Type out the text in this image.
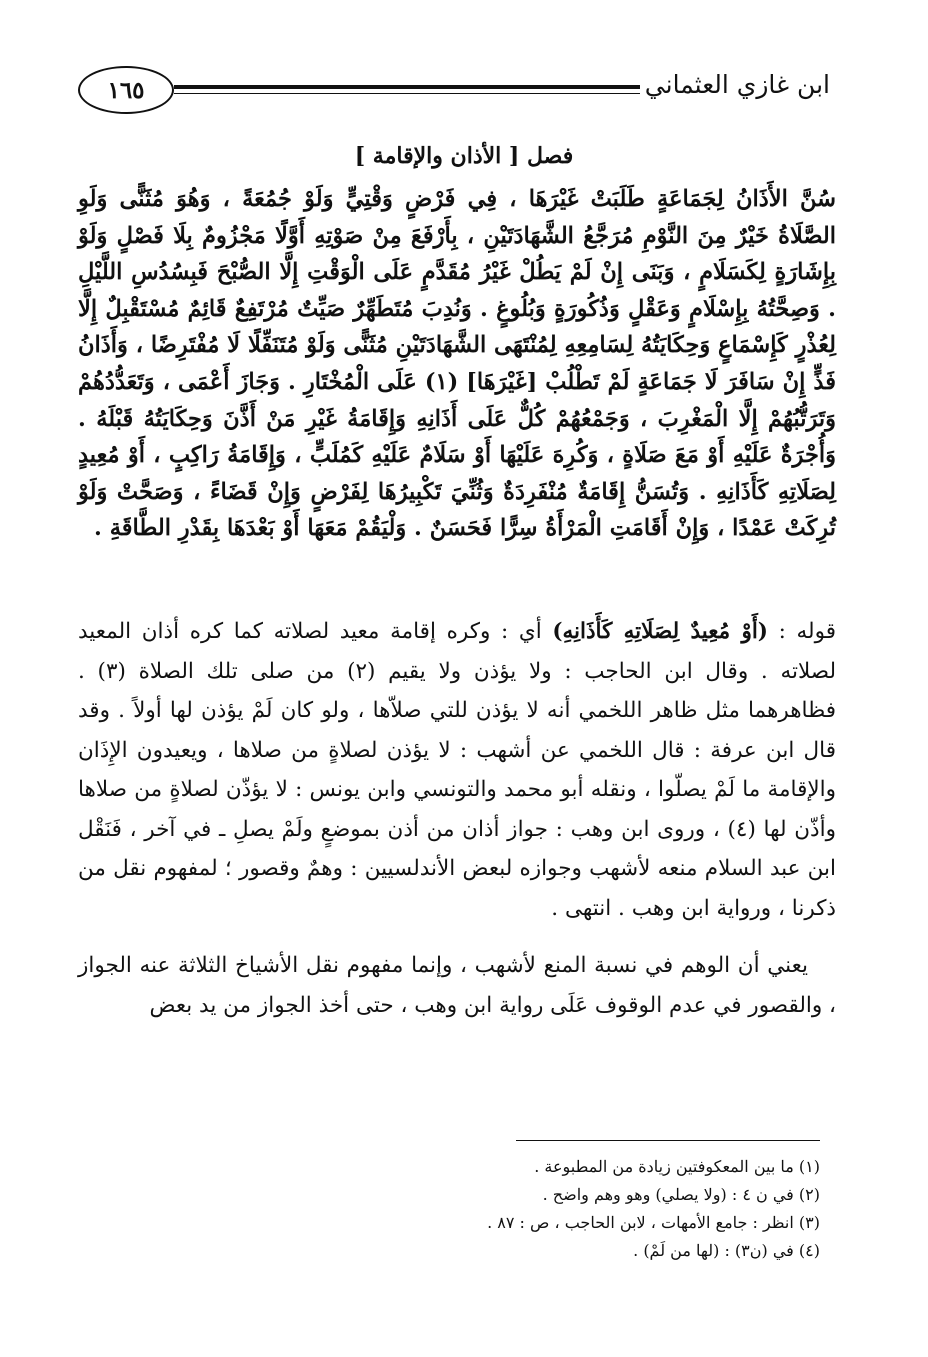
١٦٥	ابن غازي العثماني
فصل [ الأذان والإقامة ]

سُنَّ الأَذَانُ لِجَمَاعَةٍ طَلَبَتْ غَيْرَهَا ، فِي فَرْضٍ وَقْتِيٍّ وَلَوْ جُمُعَةً ، وَهُوَ مُثَنًّى وَلَوِ الصَّلَاةُ خَيْرٌ مِنَ النَّوْمِ مُرَجَّعُ الشَّهَادَتَيْنِ ، بِأَرْفَعَ مِنْ صَوْتِهِ أَوَّلًا مَجْزُومٌ بِلَا فَصْلٍ وَلَوْ بِإِشَارَةٍ لِكَسَلَامٍ ، وَبَنَى إِنْ لَمْ يَطُلْ غَيْرُ مُقَدَّمٍ عَلَى الْوَقْتِ إِلَّا الصُّبْحَ فَبِسُدُسِ اللَّيْلِ . وَصِحَّتُهُ بِإِسْلَامٍ وَعَقْلٍ وَذُكُورَةٍ وَبُلُوغٍ . وَنُدِبَ مُتَطَهِّرٌ صَيِّتٌ مُرْتَفِعٌ قَائِمٌ مُسْتَقْبِلٌ إِلَّا لِعُذْرٍ كَإِسْمَاعٍ وَحِكَايَتُهُ لِسَامِعِهِ لِمُنْتَهَى الشَّهَادَتَيْنِ مُثَنًّى وَلَوْ مُتَنَفِّلًا لَا مُفْتَرِضًا ، وَأَذَانُ فَذٍّ إِنْ سَافَرَ لَا جَمَاعَةٍ لَمْ تَطْلُبْ [غَيْرَهَا] (١) عَلَى الْمُخْتَارِ . وَجَازَ أَعْمَى ، وَتَعَدُّدُهُمْ وَتَرَتُّبُهُمْ إِلَّا الْمَغْرِبَ ، وَجَمْعُهُمْ كُلٌّ عَلَى أَذَانِهِ وَإِقَامَةُ غَيْرِ مَنْ أَذَّنَ وَحِكَايَتُهُ قَبْلَهُ . وَأُجْرَةٌ عَلَيْهِ أَوْ مَعَ صَلَاةٍ ، وَكُرِهَ عَلَيْهَا أَوْ سَلَامٌ عَلَيْهِ كَمُلَبٍّ ، وَإِقَامَةُ رَاكِبٍ ، أَوْ مُعِيدٍ لِصَلَاتِهِ كَأَذَانِهِ . وَتُسَنُّ إِقَامَةٌ مُنْفَرِدَةٌ وَثُنِّيَ تَكْبِيرُهَا لِفَرْضٍ وَإِنْ قَضَاءً ، وَصَحَّتْ وَلَوْ تُرِكَتْ عَمْدًا ، وَإِنْ أَقَامَتِ الْمَرْأَةُ سِرًّا فَحَسَنٌ . وَلْيَقُمْ مَعَهَا أَوْ بَعْدَهَا بِقَدْرِ الطَّاقَةِ .

قوله : (أَوْ مُعِيدٌ لِصَلَاتِهِ كَأَذَانِهِ) أي : وكره إقامة معيد لصلاته كما كره أذان المعيد لصلاته . وقال ابن الحاجب : ولا يؤذن ولا يقيم (٢) من صلى تلك الصلاة (٣) . فظاهرهما مثل ظاهر اللخمي أنه لا يؤذن للتي صلاّها ، ولو كان لَمْ يؤذن لها أولاً . وقد قال ابن عرفة : قال اللخمي عن أشهب : لا يؤذن لصلاةٍ من صلاها ، ويعيدون الإِذَان والإقامة ما لَمْ يصلّوا ، ونقله أبو محمد والتونسي وابن يونس : لا يؤذّن لصلاةٍ من صلاها وأذّن لها (٤) ، وروى ابن وهب : جواز أذان من أذن بموضعٍ ولَمْ يصلِ ـ في آخر ، فَنَقْل ابن عبد السلام منعه لأشهب وجوازه لبعض الأندلسيين : وهمٌ وقصور ؛ لمفهوم نقل من ذكرنا ، ورواية ابن وهب . انتهى .

يعني أن الوهم في نسبة المنع لأشهب ، وإنما مفهوم نقل الأشياخ الثلاثة عنه الجواز ، والقصور في عدم الوقوف عَلَى رواية ابن وهب ، حتى أخذ الجواز من يد بعض

(١) ما بين المعكوفتين زيادة من المطبوعة .
(٢) في ن ٤ : (ولا يصلي) وهو وهم واضح .
(٣) انظر : جامع الأمهات ، لابن الحاجب ، ص : ٨٧ .
(٤) في (ن٣) : (لها من لَمْ) .
